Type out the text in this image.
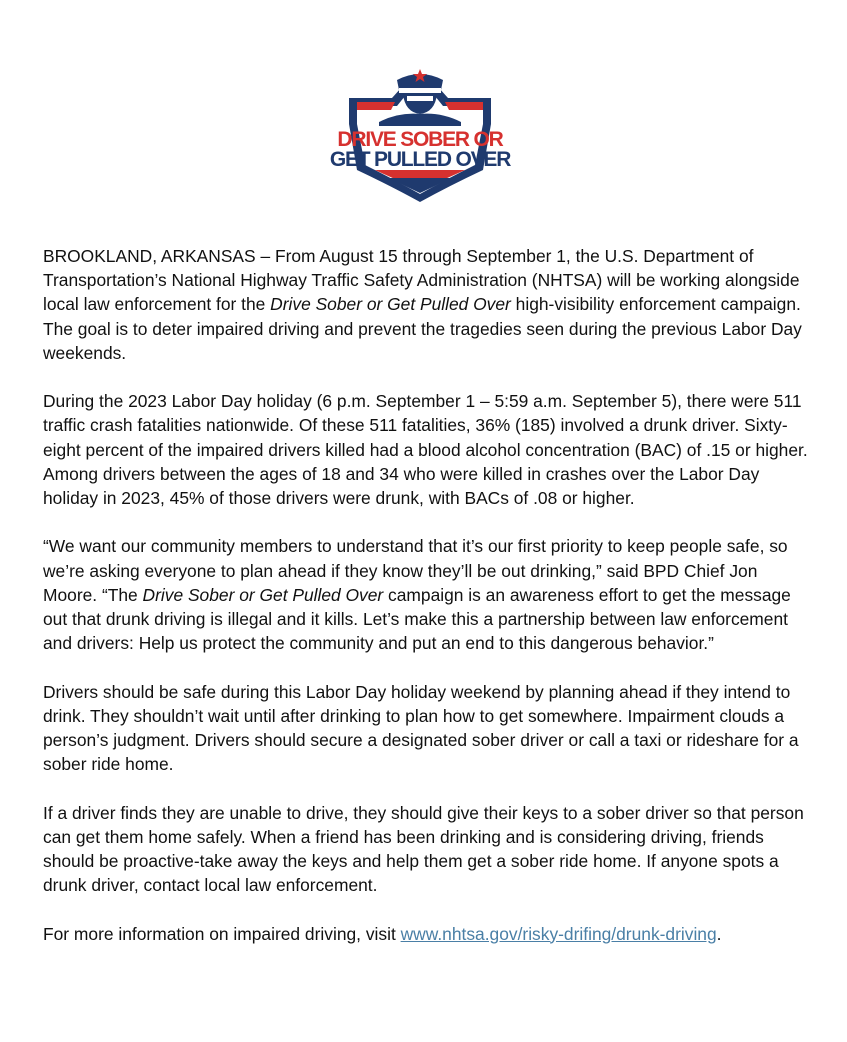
DRIVE SOBER OR
GET PULLED OVER

BROOKLAND, ARKANSAS – From August 15 through September 1, the U.S. Department of Transportation’s National Highway Traffic Safety Administration (NHTSA) will be working alongside local law enforcement for the Drive Sober or Get Pulled Over high-visibility enforcement campaign. The goal is to deter impaired driving and prevent the tragedies seen during the previous Labor Day weekends.

During the 2023 Labor Day holiday (6 p.m. September 1 – 5:59 a.m. September 5), there were 511 traffic crash fatalities nationwide. Of these 511 fatalities, 36% (185) involved a drunk driver. Sixty-eight percent of the impaired drivers killed had a blood alcohol concentration (BAC) of .15 or higher. Among drivers between the ages of 18 and 34 who were killed in crashes over the Labor Day holiday in 2023, 45% of those drivers were drunk, with BACs of .08 or higher.

“We want our community members to understand that it’s our first priority to keep people safe, so we’re asking everyone to plan ahead if they know they’ll be out drinking,” said BPD Chief Jon Moore. “The Drive Sober or Get Pulled Over campaign is an awareness effort to get the message out that drunk driving is illegal and it kills. Let’s make this a partnership between law enforcement and drivers: Help us protect the community and put an end to this dangerous behavior.”

Drivers should be safe during this Labor Day holiday weekend by planning ahead if they intend to drink. They shouldn’t wait until after drinking to plan how to get somewhere. Impairment clouds a person’s judgment. Drivers should secure a designated sober driver or call a taxi or rideshare for a sober ride home.

If a driver finds they are unable to drive, they should give their keys to a sober driver so that person can get them home safely. When a friend has been drinking and is considering driving, friends should be proactive-take away the keys and help them get a sober ride home. If anyone spots a drunk driver, contact local law enforcement.

For more information on impaired driving, visit www.nhtsa.gov/risky-drifing/drunk-driving.
